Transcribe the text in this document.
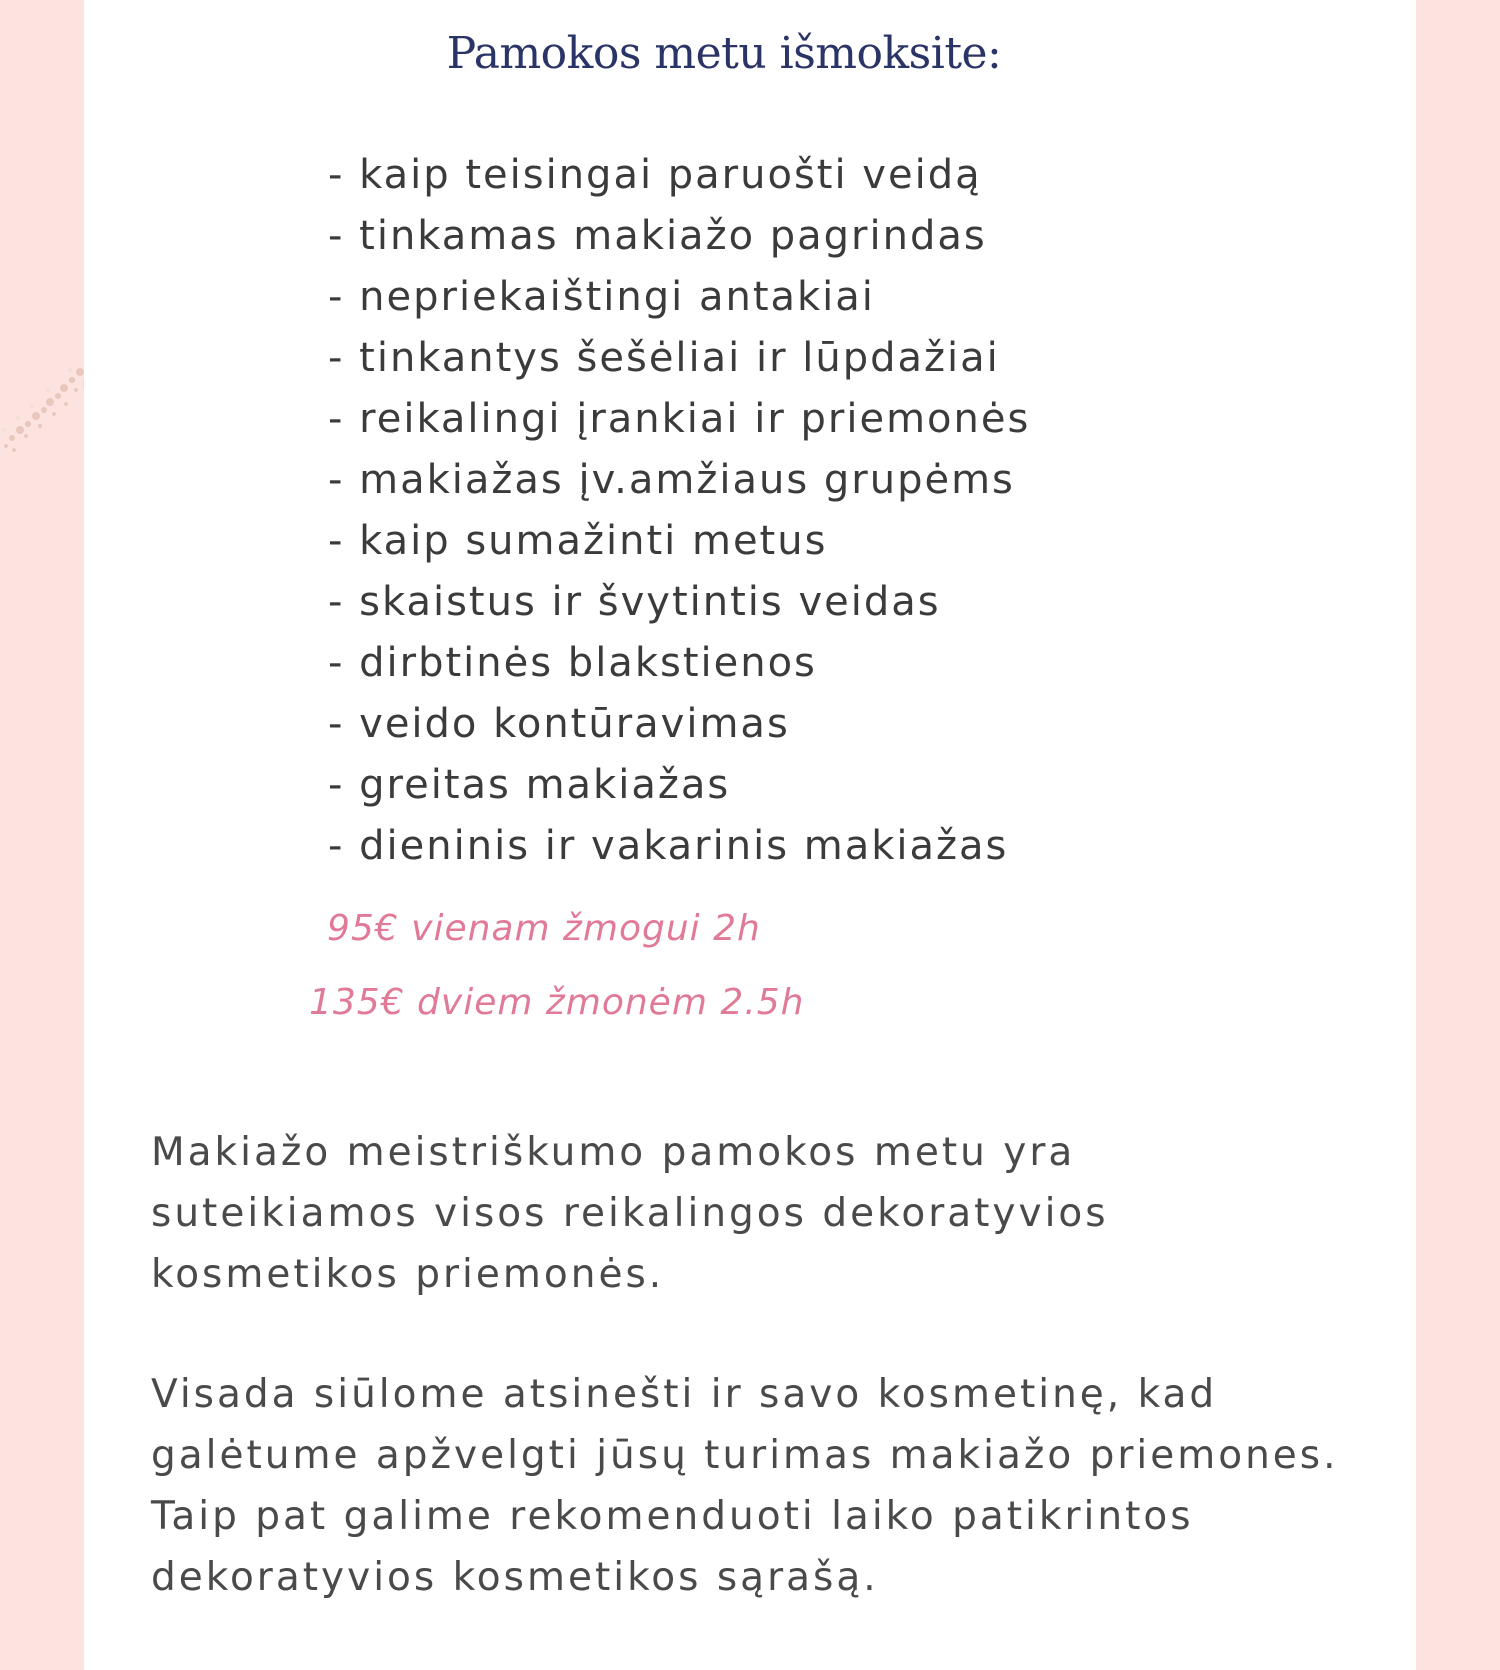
Pamokos metu išmoksite:
- kaip teisingai paruošti veidą
- tinkamas makiažo pagrindas
- nepriekaištingi antakiai
- tinkantys šešėliai ir lūpdažiai
- reikalingi įrankiai ir priemonės
- makiažas įv.amžiaus grupėms
- kaip sumažinti metus
- skaistus ir švytintis veidas
- dirbtinės blakstienos
- veido kontūravimas
- greitas makiažas
- dieninis ir vakarinis makiažas
95€ vienam žmogui 2h
135€ dviem žmonėm 2.5h

Makiažo meistriškumo pamokos metu yra suteikiamos visos reikalingos dekoratyvios kosmetikos priemonės.

Visada siūlome atsinešti ir savo kosmetinę, kad galėtume apžvelgti jūsų turimas makiažo priemones. Taip pat galime rekomenduoti laiko patikrintos dekoratyvios kosmetikos sąrašą.
